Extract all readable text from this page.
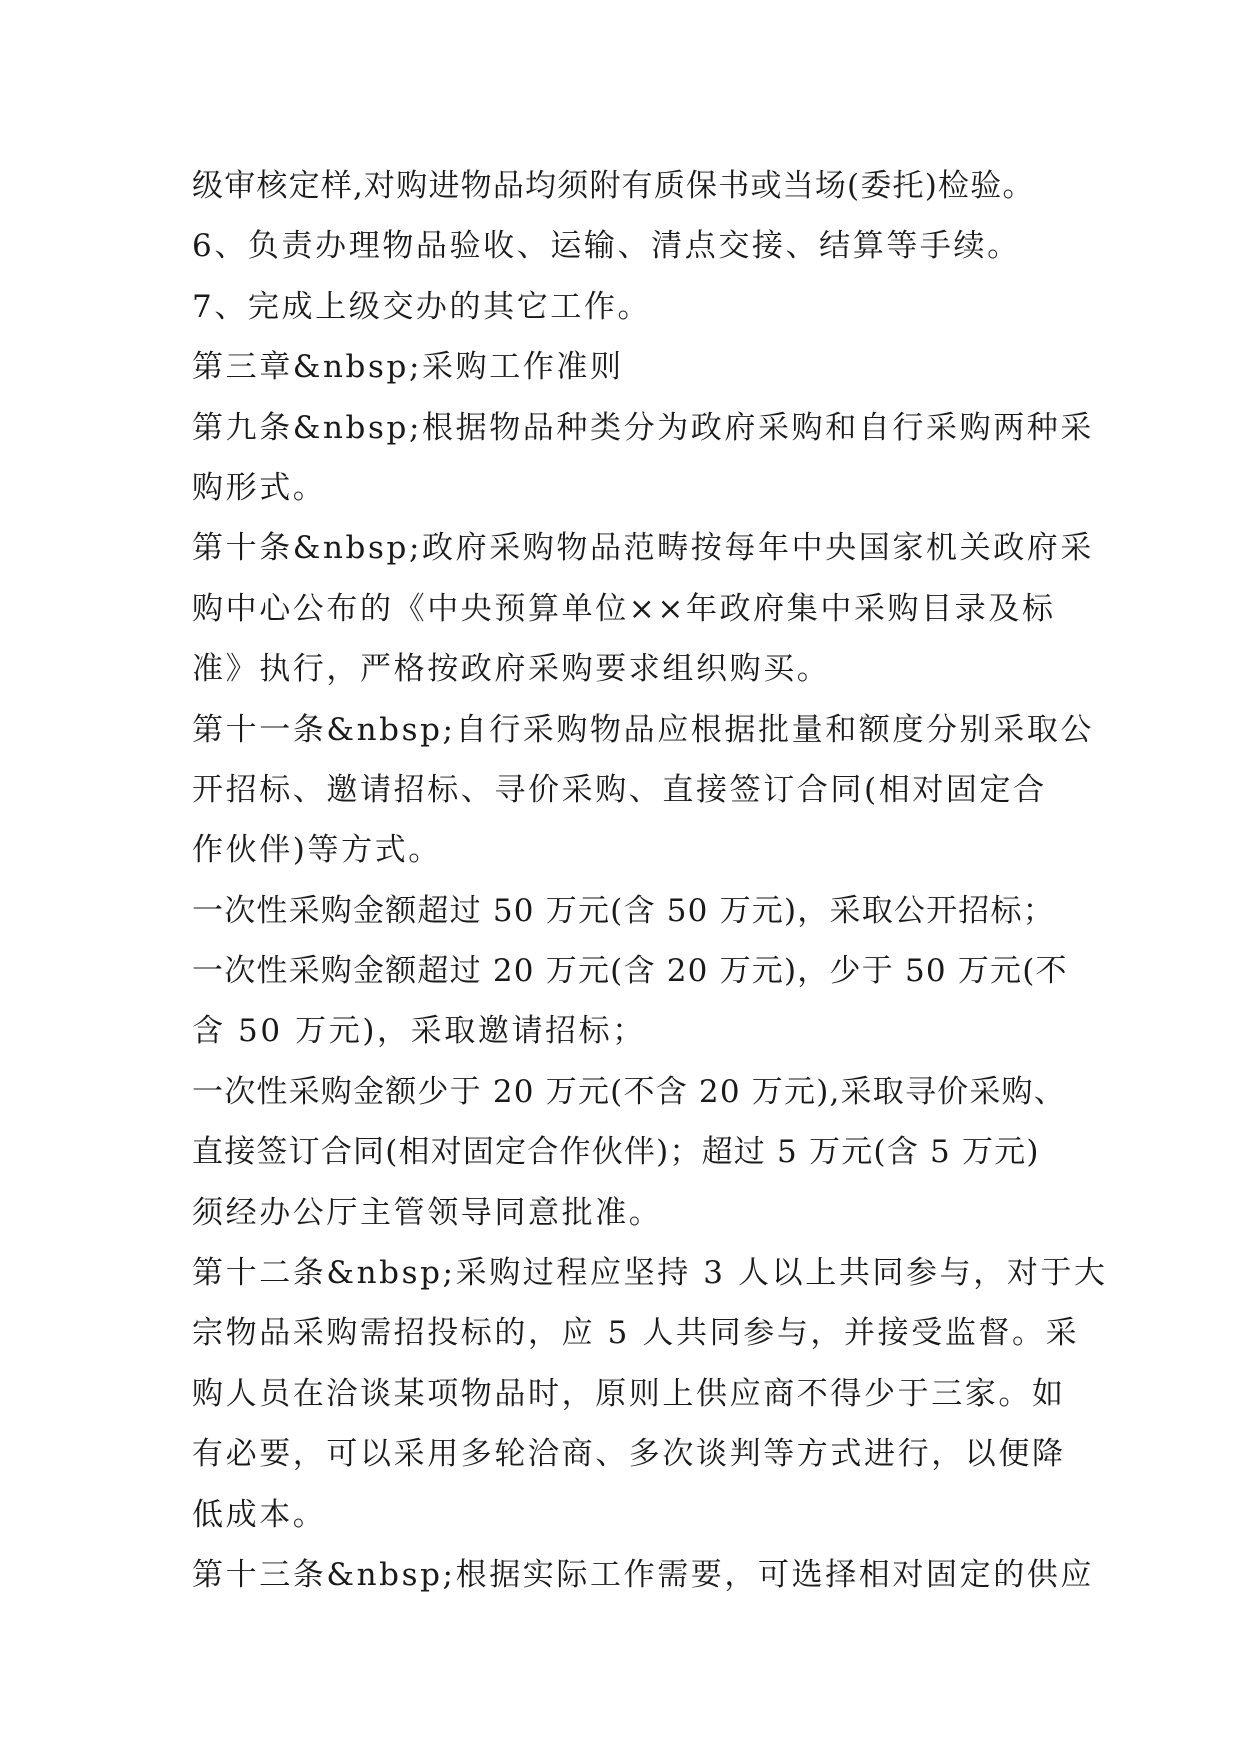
级审核定样,对购进物品均须附有质保书或当场(委托)检验。
6、负责办理物品验收、运输、清点交接、结算等手续。
7、完成上级交办的其它工作。
第三章&nbsp;采购工作准则
第九条&nbsp;根据物品种类分为政府采购和自行采购两种采
购形式。
第十条&nbsp;政府采购物品范畴按每年中央国家机关政府采
购中心公布的《中央预算单位××年政府集中采购目录及标
准》执行，严格按政府采购要求组织购买。
第十一条&nbsp;自行采购物品应根据批量和额度分别采取公
开招标、邀请招标、寻价采购、直接签订合同(相对固定合
作伙伴)等方式。
一次性采购金额超过 50 万元(含 50 万元)，采取公开招标；
一次性采购金额超过 20 万元(含 20 万元)，少于 50 万元(不
含 50 万元)，采取邀请招标；
一次性采购金额少于 20 万元(不含 20 万元),采取寻价采购、
直接签订合同(相对固定合作伙伴)；超过 5 万元(含 5 万元)
须经办公厅主管领导同意批准。
第十二条&nbsp;采购过程应坚持 3 人以上共同参与，对于大
宗物品采购需招投标的，应 5 人共同参与，并接受监督。采
购人员在洽谈某项物品时，原则上供应商不得少于三家。如
有必要，可以采用多轮洽商、多次谈判等方式进行，以便降
低成本。
第十三条&nbsp;根据实际工作需要，可选择相对固定的供应
